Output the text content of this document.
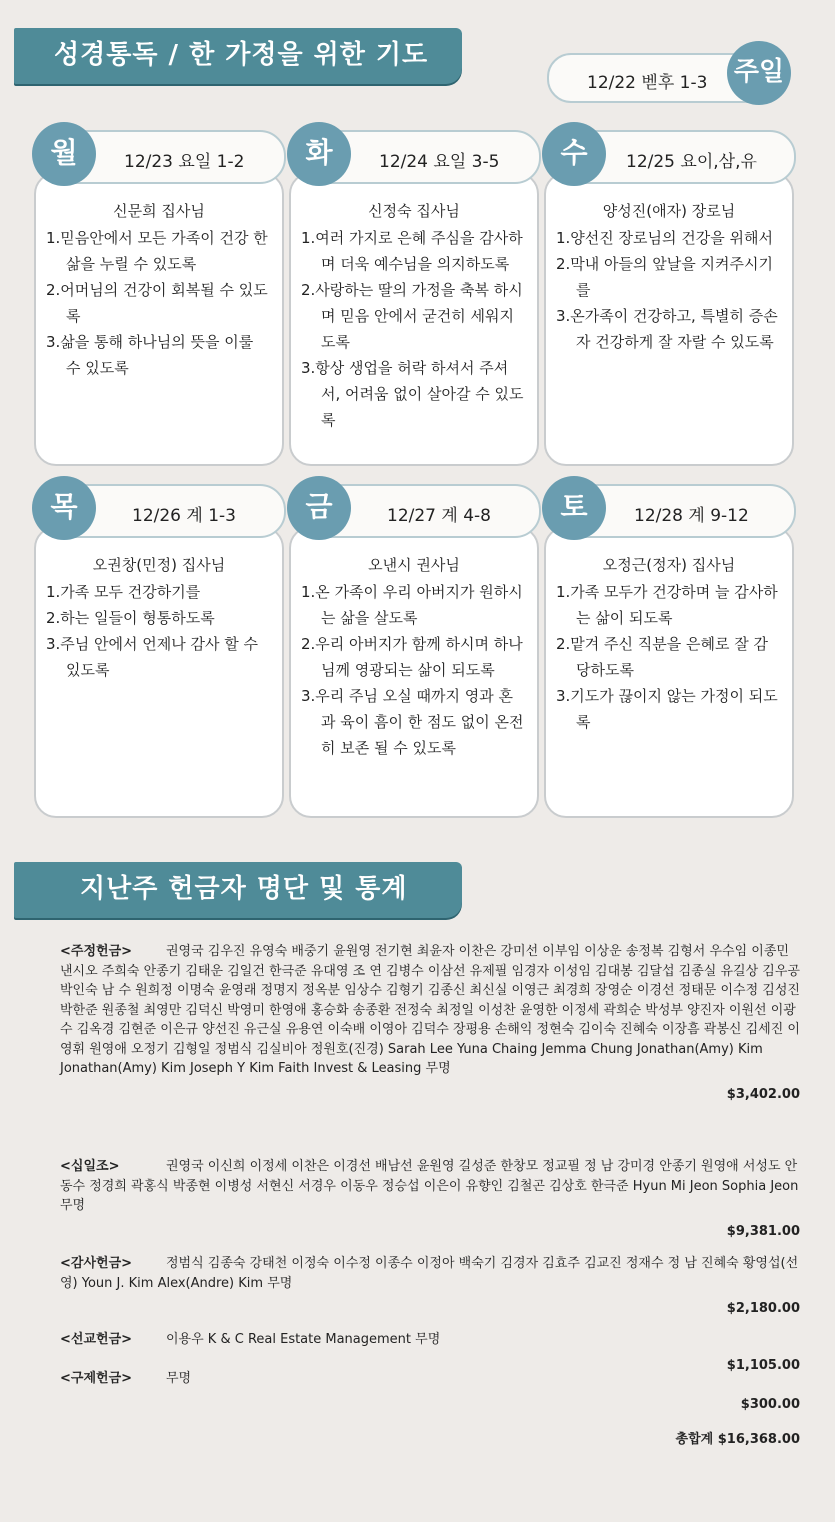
성경통독 / 한 가정을 위한 기도
12/22 벧후 1-3 주일
월	12/23 요일 1-2
신문희 집사님
1.믿음안에서 모든 가족이 건강 한 삶을 누릴 수 있도록
2.어머님의 건강이 회복될 수 있도록
3.삶을 통해 하나님의 뜻을 이룰 수 있도록
화	12/24 요일 3-5
신정숙 집사님
1.여러 가지로 은혜 주심을 감사하며 더욱 예수님을 의지하도록
2.사랑하는 딸의 가정을 축복 하시며 믿음 안에서 굳건히 세워지도록
3.항상 생업을 허락 하셔서 주셔서, 어려움 없이 살아갈 수 있도록
수	12/25 요이,삼,유
양성진(애자) 장로님
1.양선진 장로님의 건강을 위해서
2.막내 아들의 앞날을 지켜주시기를
3.온가족이 건강하고, 특별히 증손자 건강하게 잘 자랄 수 있도록
목	12/26 계 1-3
오권창(민정) 집사님
1.가족 모두 건강하기를
2.하는 일들이 형통하도록
3.주님 안에서 언제나 감사 할 수 있도록
금	12/27 계 4-8
오낸시 권사님
1.온 가족이 우리 아버지가 원하시는 삶을 살도록
2.우리 아버지가 함께 하시며 하나님께 영광되는 삶이 되도록
3.우리 주님 오실 때까지 영과 혼과 육이 흠이 한 점도 없이 온전히 보존 될 수 있도록
토	12/28 계 9-12
오정근(정자) 집사님
1.가족 모두가 건강하며 늘 감사하는 삶이 되도록
2.맡겨 주신 직분을 은혜로 잘 감당하도록
3.기도가 끊이지 않는 가정이 되도록
지난주 헌금자 명단 및 통계
<주정헌금>	권영국 김우진 유영숙 배중기 윤원영 전기현 최윤자 이찬은 강미선 이부임 이상운 송정복 김형서 우수임 이종민 낸시오 주희숙 안종기 김태운 김일건 한극준 유대영 조 연 김병수 이삼선 유제필 임경자 이성임 김대봉 김달섭 김종실 유길상 김우공 박인숙 남 수 원희정 이명숙 윤영래 정명지 정옥분 임상수 김형기 김종신 최신실 이영근 최경희 장영순 이경선 정태문 이수정 김성진 박한준 원종철 최영만 김덕신 박영미 한영애 홍승화 송종환 전정숙 최정일 이성찬 윤영한 이정세 곽희순 박성부 양진자 이원선 이광수 김옥경 김현준 이은규 양선진 유근실 유용연 이숙배 이영아 김덕수 장평용 손해익 정현숙 김이숙 진혜숙 이장흠 곽봉신 김세진 이영휘 원영애 오정기 김형일 정범식 김실비아 정원호(진경) Sarah Lee Yuna Chaing Jemma Chung Jonathan(Amy) Kim Jonathan(Amy) Kim Joseph Y Kim Faith Invest & Leasing 무명
$3,402.00
<십일조>	권영국 이신희 이정세 이찬은 이경선 배남선 윤원영 길성준 한창모 정교필 정 남 강미경 안종기 원영애 서성도 안동수 정경희 곽홍식 박종현 이병성 서현신 서경우 이동우 정승섭 이은이 유향인 김철곤 김상호 한극준 Hyun Mi Jeon Sophia Jeon 무명
$9,381.00
<감사헌금>	정범식 김종숙 강태천 이정숙 이수정 이종수 이정아 백숙기 김경자 김효주 김교진 정재수 정 남 진혜숙 황영섭(선영) Youn J. Kim Alex(Andre) Kim 무명
$2,180.00
<선교헌금>	이용우 K & C Real Estate Management 무명
$1,105.00
<구제헌금>	무명
$300.00
총합계 $16,368.00
